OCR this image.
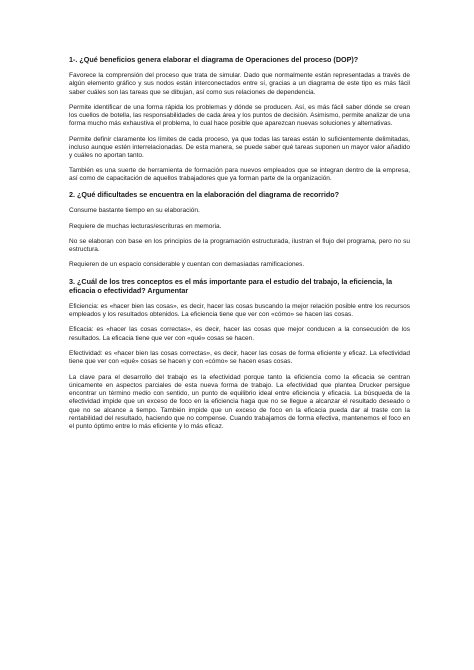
1-. ¿Qué beneficios genera elaborar el diagrama de Operaciones del proceso (DOP)?

Favorece la comprensión del proceso que trata de simular. Dado que normalmente están representadas a través de algún elemento gráfico y sus nodos están interconectados entre sí, gracias a un diagrama de este tipo es más fácil saber cuáles son las tareas que se dibujan, así como sus relaciones de dependencia.

Permite identificar de una forma rápida los problemas y dónde se producen. Así, es más fácil saber dónde se crean los cuellos de botella, las responsabilidades de cada área y los puntos de decisión. Asimismo, permite analizar de una forma mucho más exhaustiva el problema, lo cual hace posible que aparezcan nuevas soluciones y alternativas.

Permite definir claramente los límites de cada proceso, ya que todas las tareas están lo suficientemente delimitadas, incluso aunque estén interrelacionadas. De esta manera, se puede saber qué tareas suponen un mayor valor añadido y cuáles no aportan tanto.

También es una suerte de herramienta de formación para nuevos empleados que se integran dentro de la empresa, así como de capacitación de aquellos trabajadores que ya forman parte de la organización.

2. ¿Qué dificultades se encuentra en la elaboración del diagrama de recorrido?

Consume bastante tiempo en su elaboración.

Requiere de muchas lecturas/escrituras en memoria.

No se elaboran con base en los principios de la programación estructurada, ilustran el flujo del programa, pero no su estructura.

Requieren de un espacio considerable y cuentan con demasiadas ramificaciones.

3. ¿Cuál de los tres conceptos es el más importante para el estudio del trabajo, la eficiencia, la eficacia o efectividad? Argumentar

Eficiencia: es «hacer bien las cosas», es decir, hacer las cosas buscando la mejor relación posible entre los recursos empleados y los resultados obtenidos. La eficiencia tiene que ver con «cómo» se hacen las cosas.

Eficacia: es «hacer las cosas correctas», es decir, hacer las cosas que mejor conducen a la consecución de los resultados. La eficacia tiene que ver con «qué» cosas se hacen.

Efectividad: es «hacer bien las cosas correctas», es decir, hacer las cosas de forma eficiente y eficaz. La efectividad tiene que ver con «qué» cosas se hacen y con «cómo» se hacen esas cosas.

La clave para el desarrollo del trabajo es la efectividad porque tanto la eficiencia como la eficacia se centran únicamente en aspectos parciales de esta nueva forma de trabajo. La efectividad que plantea Drucker persigue encontrar un término medio con sentido, un punto de equilibrio ideal entre eficiencia y eficacia. La búsqueda de la efectividad impide que un exceso de foco en la eficiencia haga que no se llegue a alcanzar el resultado deseado o que no se alcance a tiempo. También impide que un exceso de foco en la eficacia pueda dar al traste con la rentabilidad del resultado, haciendo que no compense. Cuando trabajamos de forma efectiva, mantenemos el foco en el punto óptimo entre lo más eficiente y lo más eficaz.
